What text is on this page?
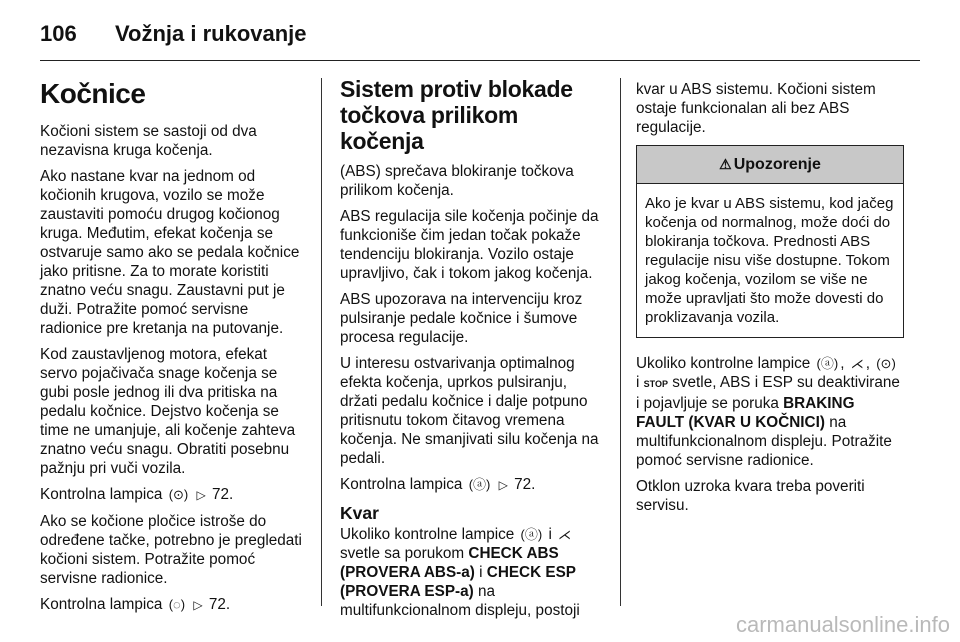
106	Vožnja i rukovanje
Kočnice

Kočioni sistem se sastoji od dva nezavisna kruga kočenja.

Ako nastane kvar na jednom od kočionih krugova, vozilo se može zaustaviti pomoću drugog kočionog kruga. Međutim, efekat kočenja se ostvaruje samo ako se pedala kočnice jako pritisne. Za to morate koristiti znatno veću snagu. Zaustavni put je duži. Potražite pomoć servisne radionice pre kretanja na putovanje.

Kod zaustavljenog motora, efekat servo pojačivača snage kočenja se gubi posle jednog ili dva pritiska na pedalu kočnice. Dejstvo kočenja se time ne umanjuje, ali kočenje zahteva znatno veću snagu. Obratiti posebnu pažnju pri vuči vozila.

Kontrolna lampica (⊙) ▷ 72.

Ako se kočione pločice istroše do određene tačke, potrebno je pregledati kočioni sistem. Potražite pomoć servisne radionice.

Kontrolna lampica (◌) ▷ 72.

Sistem protiv blokade točkova prilikom kočenja

(ABS) sprečava blokiranje točkova prilikom kočenja.

ABS regulacija sile kočenja počinje da funkcioniše čim jedan točak pokaže tendenciju blokiranja. Vozilo ostaje upravljivo, čak i tokom jakog kočenja.

ABS upozorava na intervenciju kroz pulsiranje pedale kočnice i šumove procesa regulacije.

U interesu ostvarivanja optimalnog efekta kočenja, uprkos pulsiranju, držati pedalu kočnice i dalje potpuno pritisnutu tokom čitavog vremena kočenja. Ne smanjivati silu kočenja na pedali.

Kontrolna lampica (ⓐ) ▷ 72.

Kvar

Ukoliko kontrolne lampice (ⓐ) i ⋌ svetle sa porukom CHECK ABS (PROVERA ABS-a) i CHECK ESP (PROVERA ESP-a) na multifunkcionalnom displeju, postoji

kvar u ABS sistemu. Kočioni sistem ostaje funkcionalan ali bez ABS regulacije.

⚠ Upozorenje
Ako je kvar u ABS sistemu, kod jačeg kočenja od normalnog, može doći do blokiranja točkova. Prednosti ABS regulacije nisu više dostupne. Tokom jakog kočenja, vozilom se više ne može upravljati što može dovesti do proklizavanja vozila.

Ukoliko kontrolne lampice (ⓐ) , ⋌ , (⊙) i STOP svetle, ABS i ESP su deaktivirane i pojavljuje se poruka BRAKING FAULT (KVAR U KOČNICI) na multifunkcionalnom displeju. Potražite pomoć servisne radionice.

Otklon uzroka kvara treba poveriti servisu.

carmanualsonline.info
